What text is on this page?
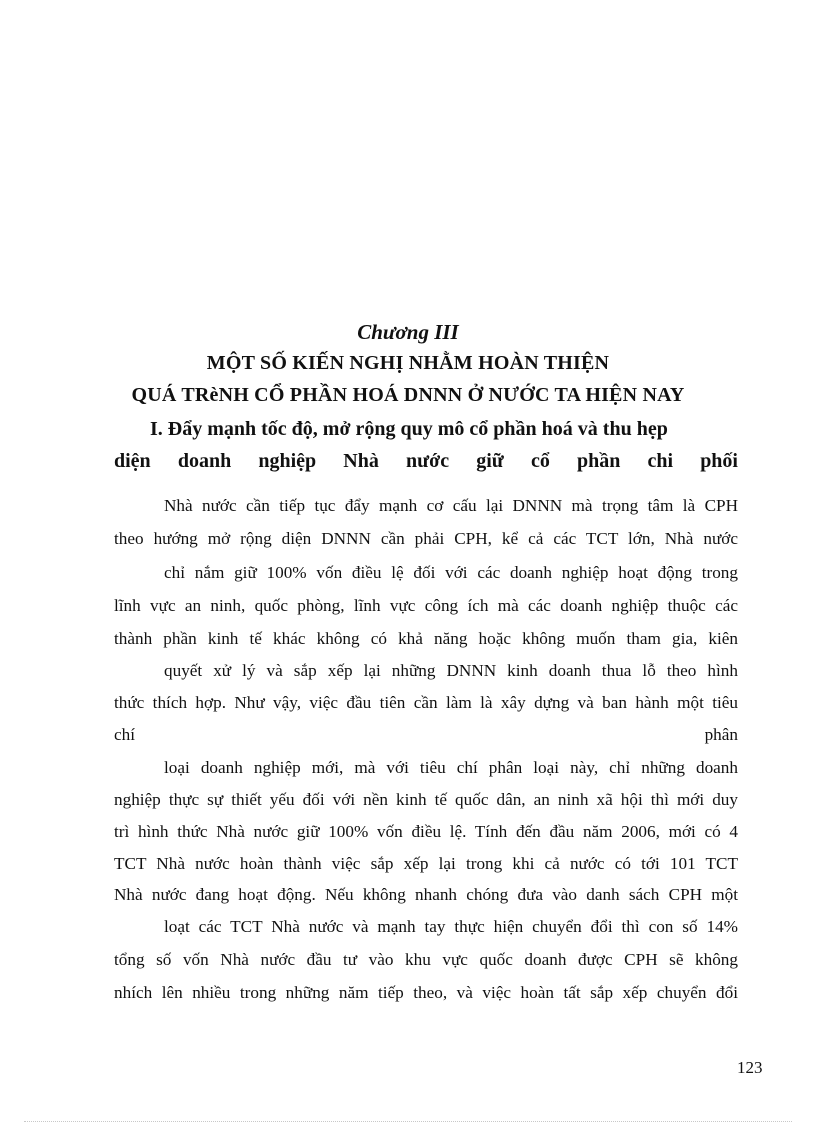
Chương III
MỘT SỐ KIẾN NGHỊ NHẰM HOÀN THIỆN
QUÁ TRèNH CỔ PHẦN HOÁ DNNN Ở NƯỚC TA HIỆN NAY
I. Đẩy mạnh tốc độ, mở rộng quy mô cổ phần hoá và thu hẹp
diện doanh nghiệp Nhà nước giữ cổ phần chi phối
Nhà nước cần tiếp tục đẩy mạnh cơ cấu lại DNNN mà trọng tâm là CPH
theo hướng mở rộng diện DNNN cần phải CPH, kể cả các TCT lớn, Nhà nước
chỉ nắm giữ 100% vốn điều lệ đối với các doanh nghiệp hoạt động trong
lĩnh vực an ninh, quốc phòng, lĩnh vực công ích mà các doanh nghiệp thuộc các
thành phần kinh tế khác không có khả năng hoặc không muốn tham gia, kiên
quyết xử lý và sắp xếp lại những DNNN kinh doanh thua lỗ theo hình
thức thích hợp. Như vậy, việc đầu tiên cần làm là xây dựng và ban hành một tiêu
chí phân
loại doanh nghiệp mới, mà với tiêu chí phân loại này, chỉ những doanh
nghiệp thực sự thiết yếu đối với nền kinh tế quốc dân, an ninh xã hội thì mới duy
trì hình thức Nhà nước giữ 100% vốn điều lệ. Tính đến đầu năm 2006, mới có 4
TCT Nhà nước hoàn thành việc sắp xếp lại trong khi cả nước có tới 101 TCT
Nhà nước đang hoạt động. Nếu không nhanh chóng đưa vào danh sách CPH một
loạt các TCT Nhà nước và mạnh tay thực hiện chuyển đổi thì con số 14%
tổng số vốn Nhà nước đầu tư vào khu vực quốc doanh được CPH sẽ không
nhích lên nhiều trong những năm tiếp theo, và việc hoàn tất sắp xếp chuyển đổi
123
